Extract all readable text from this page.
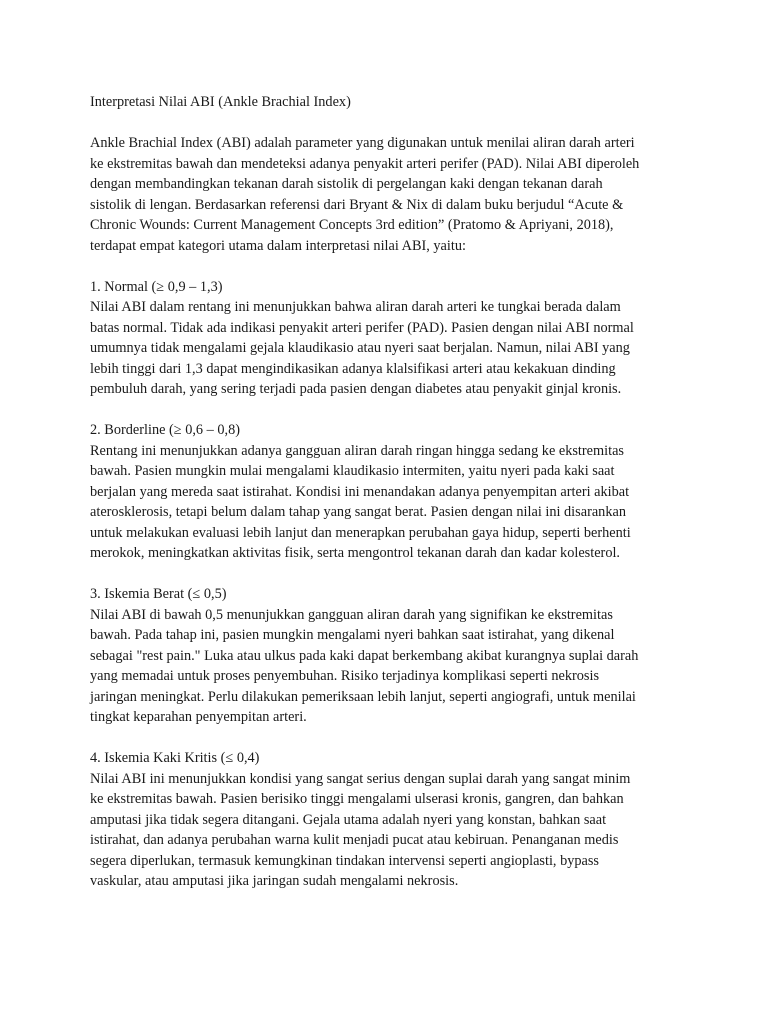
Interpretasi Nilai ABI (Ankle Brachial Index)

Ankle Brachial Index (ABI) adalah parameter yang digunakan untuk menilai aliran darah arteri

ke ekstremitas bawah dan mendeteksi adanya penyakit arteri perifer (PAD). Nilai ABI diperoleh

dengan membandingkan tekanan darah sistolik di pergelangan kaki dengan tekanan darah

sistolik di lengan. Berdasarkan referensi dari Bryant & Nix di dalam buku berjudul “Acute &

Chronic Wounds: Current Management Concepts 3rd edition” (Pratomo & Apriyani, 2018),

terdapat empat kategori utama dalam interpretasi nilai ABI, yaitu:

1. Normal (≥ 0,9 – 1,3)

Nilai ABI dalam rentang ini menunjukkan bahwa aliran darah arteri ke tungkai berada dalam

batas normal. Tidak ada indikasi penyakit arteri perifer (PAD). Pasien dengan nilai ABI normal

umumnya tidak mengalami gejala klaudikasio atau nyeri saat berjalan. Namun, nilai ABI yang

lebih tinggi dari 1,3 dapat mengindikasikan adanya klalsifikasi arteri atau kekakuan dinding

pembuluh darah, yang sering terjadi pada pasien dengan diabetes atau penyakit ginjal kronis.

2. Borderline (≥ 0,6 – 0,8)

Rentang ini menunjukkan adanya gangguan aliran darah ringan hingga sedang ke ekstremitas

bawah. Pasien mungkin mulai mengalami klaudikasio intermiten, yaitu nyeri pada kaki saat

berjalan yang mereda saat istirahat. Kondisi ini menandakan adanya penyempitan arteri akibat

aterosklerosis, tetapi belum dalam tahap yang sangat berat. Pasien dengan nilai ini disarankan

untuk melakukan evaluasi lebih lanjut dan menerapkan perubahan gaya hidup, seperti berhenti

merokok, meningkatkan aktivitas fisik, serta mengontrol tekanan darah dan kadar kolesterol.

3. Iskemia Berat (≤ 0,5)

Nilai ABI di bawah 0,5 menunjukkan gangguan aliran darah yang signifikan ke ekstremitas

bawah. Pada tahap ini, pasien mungkin mengalami nyeri bahkan saat istirahat, yang dikenal

sebagai "rest pain." Luka atau ulkus pada kaki dapat berkembang akibat kurangnya suplai darah

yang memadai untuk proses penyembuhan. Risiko terjadinya komplikasi seperti nekrosis

jaringan meningkat. Perlu dilakukan pemeriksaan lebih lanjut, seperti angiografi, untuk menilai

tingkat keparahan penyempitan arteri.

4. Iskemia Kaki Kritis (≤ 0,4)

Nilai ABI ini menunjukkan kondisi yang sangat serius dengan suplai darah yang sangat minim

ke ekstremitas bawah. Pasien berisiko tinggi mengalami ulserasi kronis, gangren, dan bahkan

amputasi jika tidak segera ditangani. Gejala utama adalah nyeri yang konstan, bahkan saat

istirahat, dan adanya perubahan warna kulit menjadi pucat atau kebiruan. Penanganan medis

segera diperlukan, termasuk kemungkinan tindakan intervensi seperti angioplasti, bypass

vaskular, atau amputasi jika jaringan sudah mengalami nekrosis.
